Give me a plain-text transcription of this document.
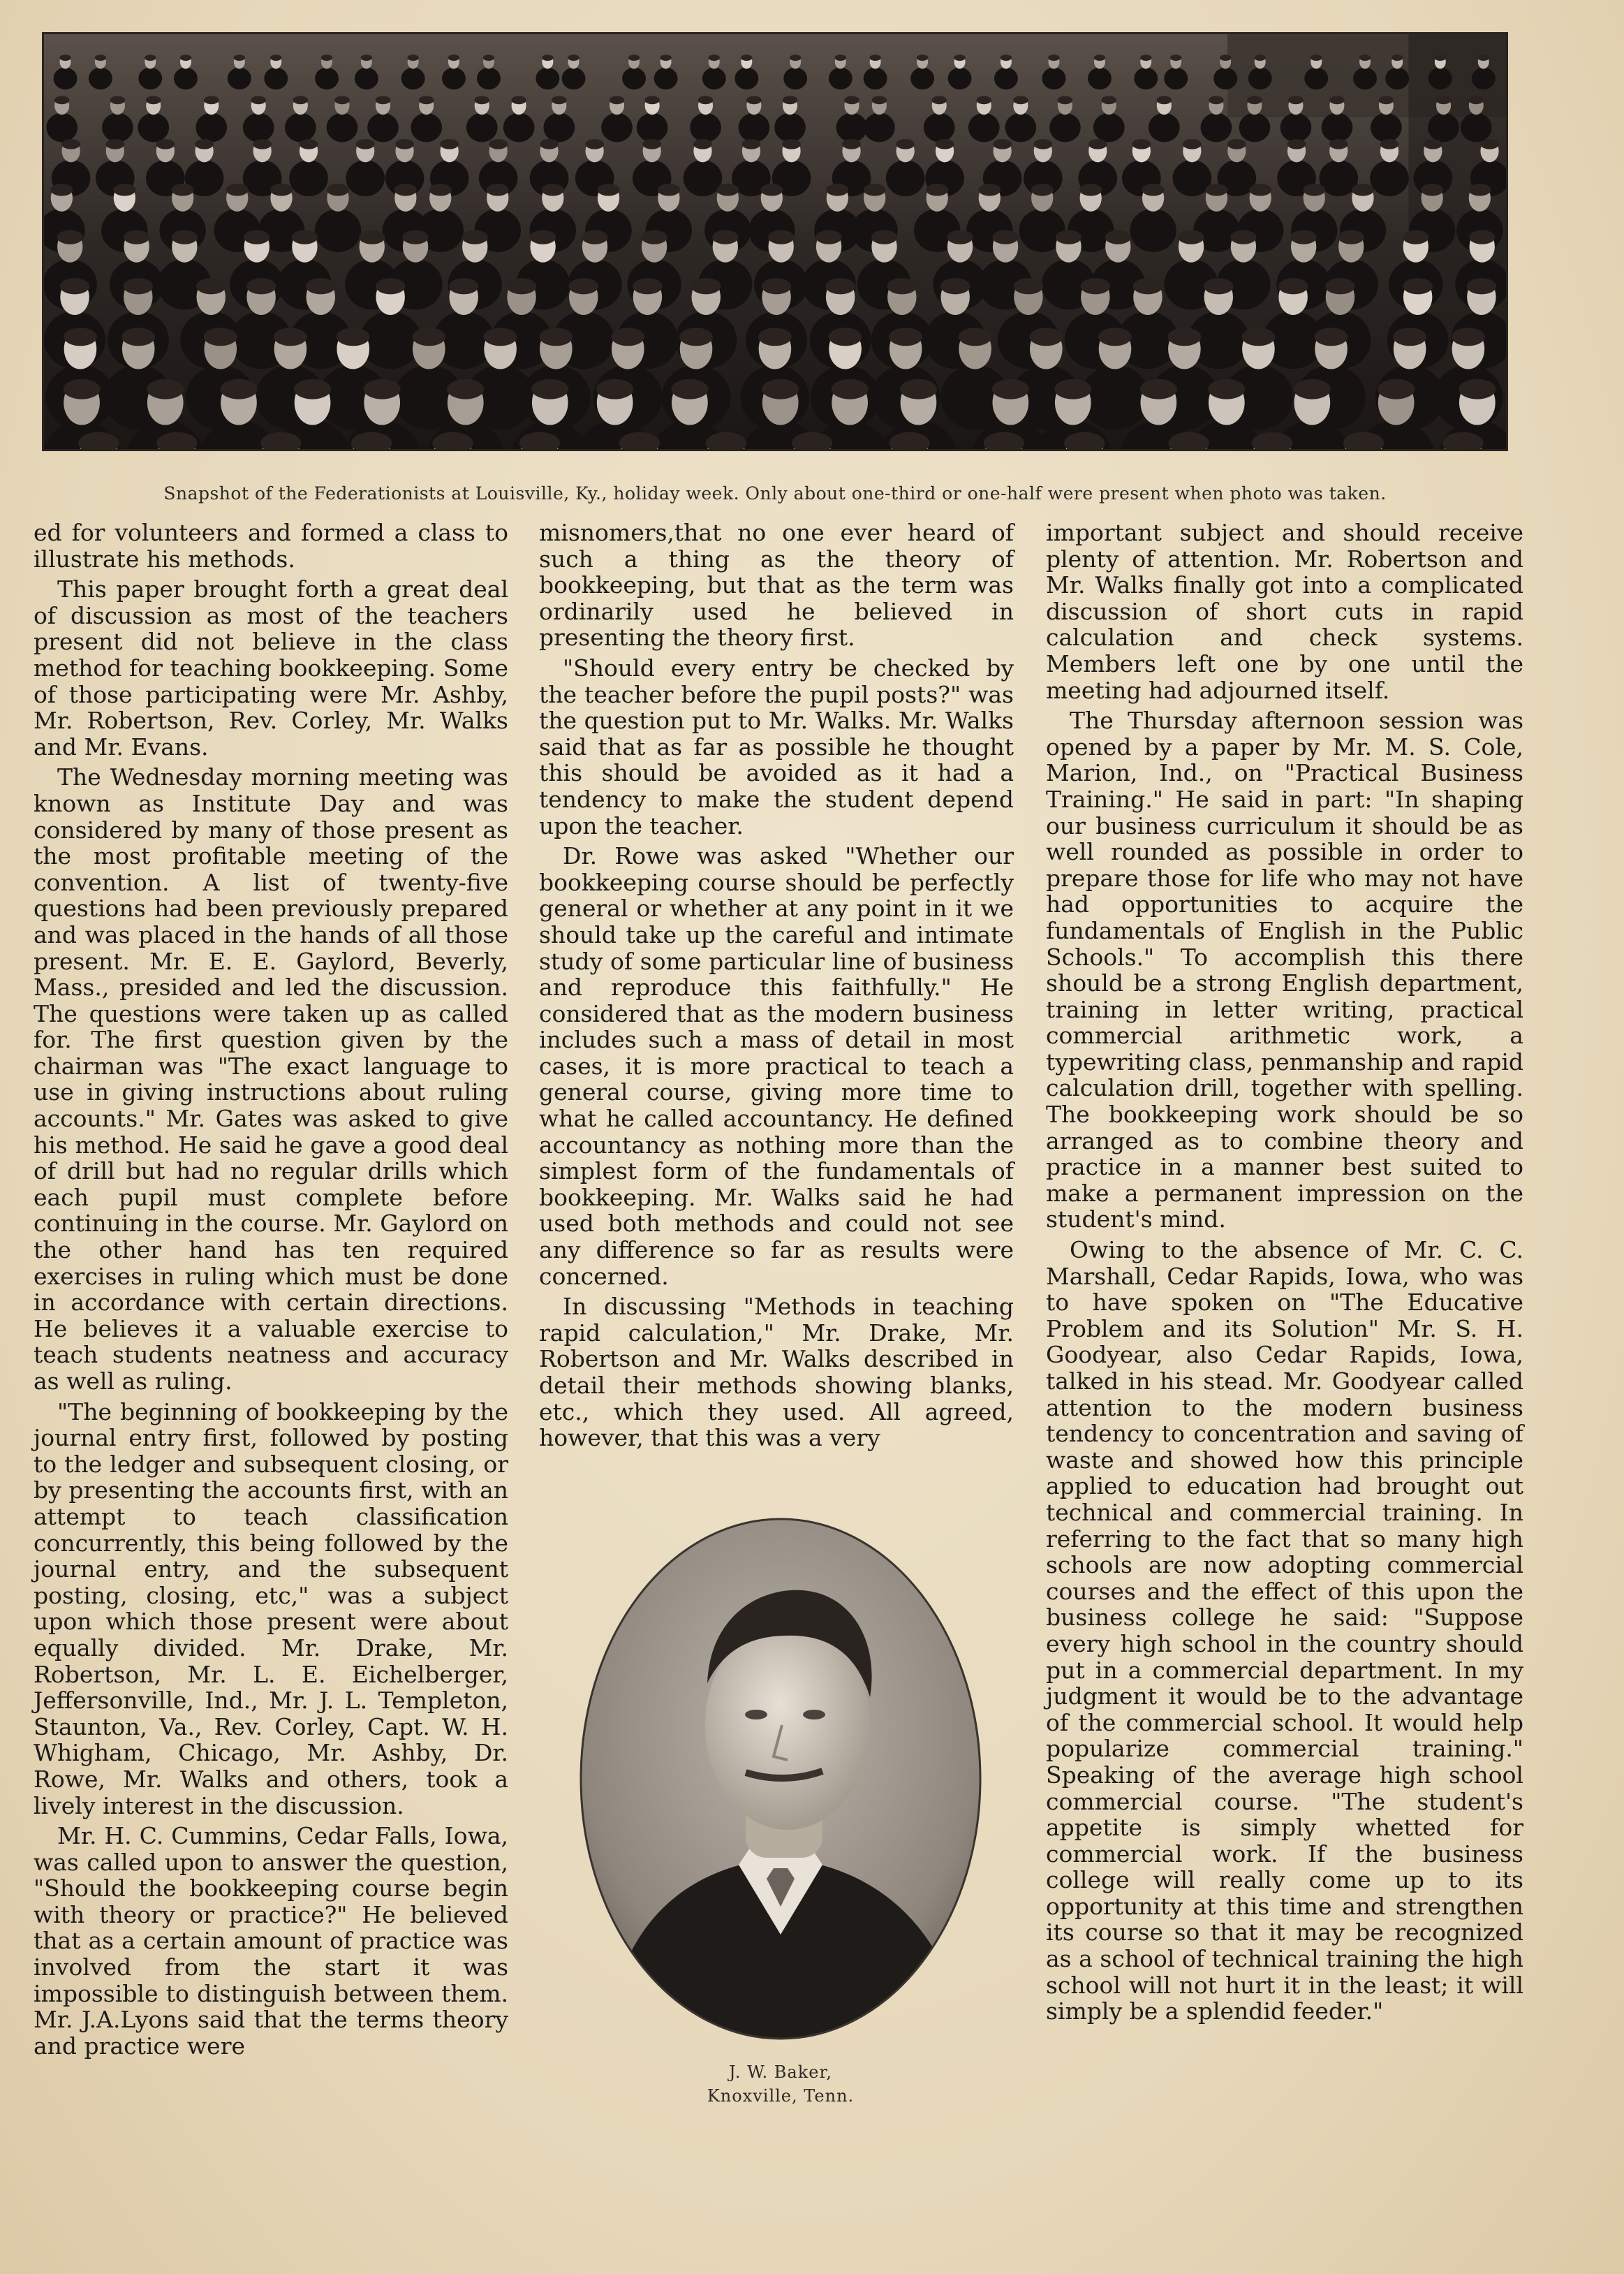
Snapshot of the Federationists at Louisville, Ky., holiday week. Only about one-third or one-half were present when photo was taken.

ed for volunteers and formed a class to illustrate his methods.

This paper brought forth a great deal of discussion as most of the teachers present did not believe in the class method for teaching bookkeeping. Some of those participating were Mr. Ashby, Mr. Robertson, Rev. Corley, Mr. Walks and Mr. Evans.

The Wednesday morning meeting was known as Institute Day and was considered by many of those present as the most profitable meeting of the convention. A list of twenty-five questions had been previously prepared and was placed in the hands of all those present. Mr. E. E. Gaylord, Beverly, Mass., presided and led the discussion. The questions were taken up as called for. The first question given by the chairman was "The exact language to use in giving instructions about ruling accounts." Mr. Gates was asked to give his method. He said he gave a good deal of drill but had no regular drills which each pupil must complete before continuing in the course. Mr. Gaylord on the other hand has ten required exercises in ruling which must be done in accordance with certain directions. He believes it a valuable exercise to teach students neatness and accuracy as well as ruling.

"The beginning of bookkeeping by the journal entry first, followed by posting to the ledger and subsequent closing, or by presenting the accounts first, with an attempt to teach classification concurrently, this being followed by the journal entry, and the subsequent posting, closing, etc," was a subject upon which those present were about equally divided. Mr. Drake, Mr. Robertson, Mr. L. E. Eichelberger, Jeffersonville, Ind., Mr. J. L. Templeton, Staunton, Va., Rev. Corley, Capt. W. H. Whigham, Chicago, Mr. Ashby, Dr. Rowe, Mr. Walks and others, took a lively interest in the discussion.

Mr. H. C. Cummins, Cedar Falls, Iowa, was called upon to answer the question, "Should the bookkeeping course begin with theory or practice?" He believed that as a certain amount of practice was involved from the start it was impossible to distinguish between them. Mr. J.A.Lyons said that the terms theory and practice were

misnomers,that no one ever heard of such a thing as the theory of bookkeeping, but that as the term was ordinarily used he believed in presenting the theory first.

"Should every entry be checked by the teacher before the pupil posts?" was the question put to Mr. Walks. Mr. Walks said that as far as possible he thought this should be avoided as it had a tendency to make the student depend upon the teacher.

Dr. Rowe was asked "Whether our bookkeeping course should be perfectly general or whether at any point in it we should take up the careful and intimate study of some particular line of business and reproduce this faithfully." He considered that as the modern business includes such a mass of detail in most cases, it is more practical to teach a general course, giving more time to what he called accountancy. He defined accountancy as nothing more than the simplest form of the fundamentals of bookkeeping. Mr. Walks said he had used both methods and could not see any difference so far as results were concerned.

In discussing "Methods in teaching rapid calculation," Mr. Drake, Mr. Robertson and Mr. Walks described in detail their methods showing blanks, etc., which they used. All agreed, however, that this was a very

J. W. Baker,
Knoxville, Tenn.

important subject and should receive plenty of attention. Mr. Robertson and Mr. Walks finally got into a complicated discussion of short cuts in rapid calculation and check systems. Members left one by one until the meeting had adjourned itself.

The Thursday afternoon session was opened by a paper by Mr. M. S. Cole, Marion, Ind., on "Practical Business Training." He said in part: "In shaping our business curriculum it should be as well rounded as possible in order to prepare those for life who may not have had opportunities to acquire the fundamentals of English in the Public Schools." To accomplish this there should be a strong English department, training in letter writing, practical commercial arithmetic work, a typewriting class, penmanship and rapid calculation drill, together with spelling. The bookkeeping work should be so arranged as to combine theory and practice in a manner best suited to make a permanent impression on the student's mind.

Owing to the absence of Mr. C. C. Marshall, Cedar Rapids, Iowa, who was to have spoken on "The Educative Problem and its Solution" Mr. S. H. Goodyear, also Cedar Rapids, Iowa, talked in his stead. Mr. Goodyear called attention to the modern business tendency to concentration and saving of waste and showed how this principle applied to education had brought out technical and commercial training. In referring to the fact that so many high schools are now adopting commercial courses and the effect of this upon the business college he said: "Suppose every high school in the country should put in a commercial department. In my judgment it would be to the advantage of the commercial school. It would help popularize commercial training." Speaking of the average high school commercial course. "The student's appetite is simply whetted for commercial work. If the business college will really come up to its opportunity at this time and strengthen its course so that it may be recognized as a school of technical training the high school will not hurt it in the least; it will simply be a splendid feeder."
